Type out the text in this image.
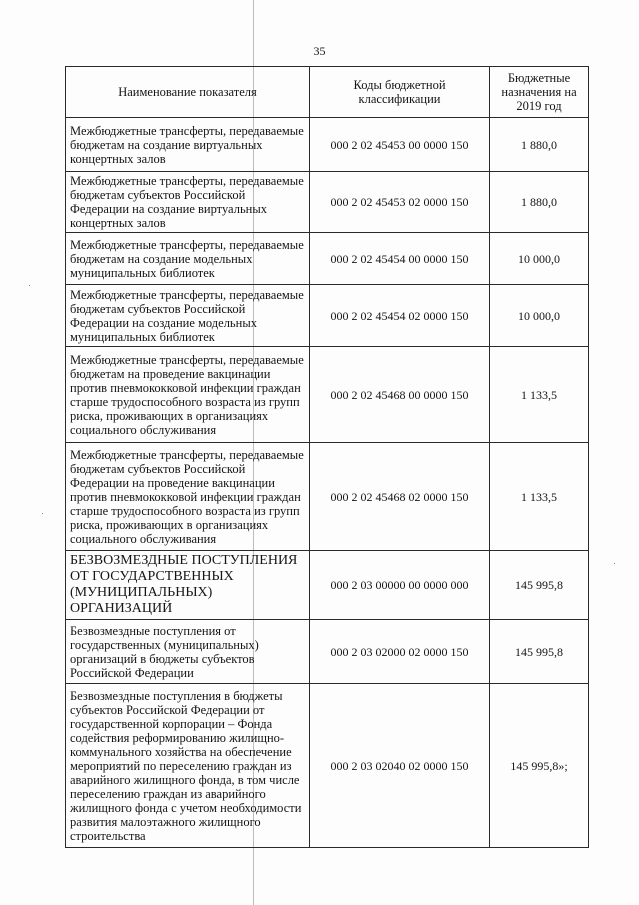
35
Наименование показателя	Коды бюджетной классификации	Бюджетные назначения на 2019 год
Межбюджетные трансферты, передаваемые бюджетам на создание виртуальных концертных залов	000 2 02 45453 00 0000 150	1 880,0
Межбюджетные трансферты, передаваемые бюджетам субъектов Российской Федерации на создание виртуальных концертных залов	000 2 02 45453 02 0000 150	1 880,0
Межбюджетные трансферты, передаваемые бюджетам на создание модельных муниципальных библиотек	000 2 02 45454 00 0000 150	10 000,0
Межбюджетные трансферты, передаваемые бюджетам субъектов Российской Федерации на создание модельных муниципальных библиотек	000 2 02 45454 02 0000 150	10 000,0
Межбюджетные трансферты, передаваемые бюджетам на проведение вакцинации против пневмококковой инфекции граждан старше трудоспособного возраста из групп риска, проживающих в организациях социального обслуживания	000 2 02 45468 00 0000 150	1 133,5
Межбюджетные трансферты, передаваемые бюджетам субъектов Российской Федерации на проведение вакцинации против пневмококковой инфекции граждан старше трудоспособного возраста из групп риска, проживающих в организациях социального обслуживания	000 2 02 45468 02 0000 150	1 133,5
БЕЗВОЗМЕЗДНЫЕ ПОСТУПЛЕНИЯ ОТ ГОСУДАРСТВЕННЫХ (МУНИЦИПАЛЬНЫХ) ОРГАНИЗАЦИЙ	000 2 03 00000 00 0000 000	145 995,8
Безвозмездные поступления от государственных (муниципальных) организаций в бюджеты субъектов Российской Федерации	000 2 03 02000 02 0000 150	145 995,8
Безвозмездные поступления в бюджеты субъектов Российской Федерации от государственной корпорации – Фонда содействия реформированию жилищно-коммунального хозяйства на обеспечение мероприятий по переселению граждан из аварийного жилищного фонда, в том числе переселению граждан из аварийного жилищного фонда с учетом необходимости развития малоэтажного жилищного строительства	000 2 03 02040 02 0000 150	145 995,8»;
